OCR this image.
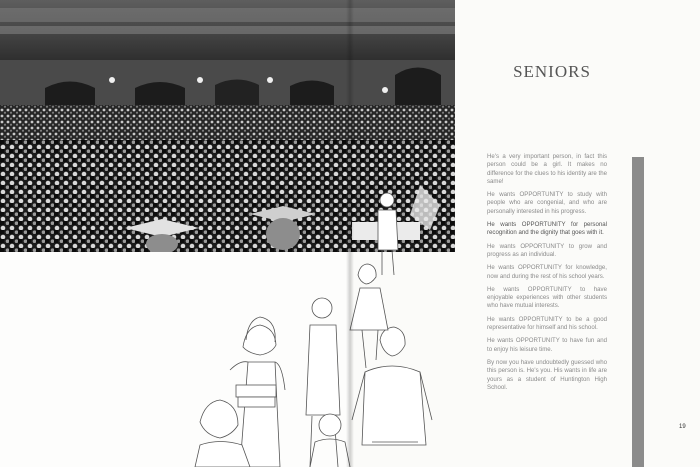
SENIORS

He's a very important person, in fact this person could be a girl. It makes no difference for the clues to his identity are the same!

He wants OPPORTUNITY to study with people who are congenial, and who are personally interested in his progress.

He wants OPPORTUNITY for personal recognition and the dignity that goes with it.

He wants OPPORTUNITY to grow and progress as an individual.

He wants OPPORTUNITY for knowledge, now and during the rest of his school years.

He wants OPPORTUNITY to have enjoyable experiences with other students who have mutual interests.

He wants OPPORTUNITY to be a good representative for himself and his school.

He wants OPPORTUNITY to have fun and to enjoy his leisure time.

By now you have undoubtedly guessed who this person is. He's you. His wants in life are yours as a student of Huntington High School.

19
